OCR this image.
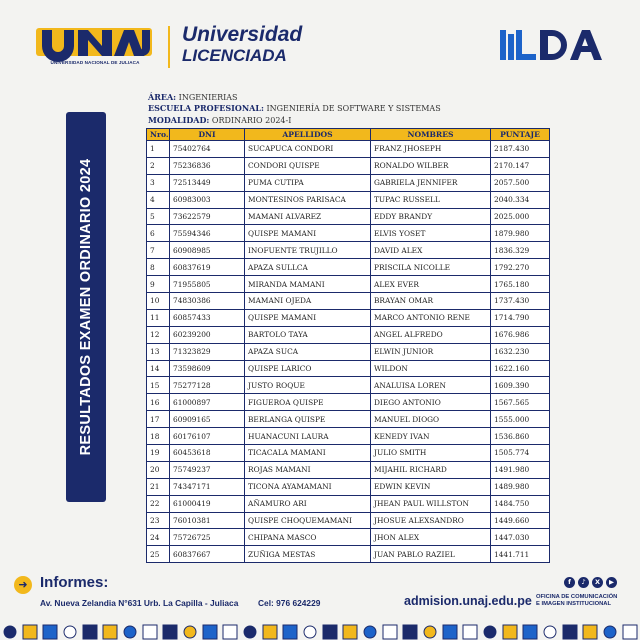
UNIVERSIDAD NACIONAL DE JULIACA
Universidad
LICENCIADA
RESULTADOS EXAMEN ORDINARIO 2024
ÁREA: INGENIERIAS
ESCUELA PROFESIONAL: INGENIERÍA DE SOFTWARE Y SISTEMAS
MODALIDAD: ORDINARIO 2024-I
Nro.	DNI	APELLIDOS	NOMBRES	PUNTAJE
1	75402764	SUCAPUCA CONDORI	FRANZ JHOSEPH	2187.430
2	75236836	CONDORI QUISPE	RONALDO WILBER	2170.147
3	72513449	PUMA CUTIPA	GABRIELA JENNIFER	2057.500
4	60983003	MONTESINOS PARISACA	TUPAC RUSSELL	2040.334
5	73622579	MAMANI ALVAREZ	EDDY BRANDY	2025.000
6	75594346	QUISPE MAMANI	ELVIS YOSET	1879.980
7	60908985	INOFUENTE TRUJILLO	DAVID ALEX	1836.329
8	60837619	APAZA SULLCA	PRISCILA NICOLLE	1792.270
9	71955805	MIRANDA MAMANI	ALEX EVER	1765.180
10	74830386	MAMANI OJEDA	BRAYAN OMAR	1737.430
11	60857433	QUISPE MAMANI	MARCO ANTONIO RENE	1714.790
12	60239200	BARTOLO TAYA	ANGEL ALFREDO	1676.986
13	71323829	APAZA SUCA	ELWIN JUNIOR	1632.230
14	73598609	QUISPE LARICO	WILDON	1622.160
15	75277128	JUSTO ROQUE	ANALUISA LOREN	1609.390
16	61000897	FIGUEROA QUISPE	DIEGO ANTONIO	1567.565
17	60909165	BERLANGA QUISPE	MANUEL DIOGO	1555.000
18	60176107	HUANACUNI LAURA	KENEDY IVAN	1536.860
19	60453618	TICACALA MAMANI	JULIO SMITH	1505.774
20	75749237	ROJAS MAMANI	MIJAHIL RICHARD	1491.980
21	74347171	TICONA AYAMAMANI	EDWIN KEVIN	1489.980
22	61000419	AÑAMURO ARI	JHEAN PAUL WILLSTON	1484.750
23	76010381	QUISPE CHOQUEMAMANI	JHOSUE ALEXSANDRO	1449.660
24	75726725	CHIPANA MASCO	JHON ALEX	1447.030
25	60837667	ZUÑIGA MESTAS	JUAN PABLO RAZIEL	1441.711
➜ Informes:
Av. Nueva Zelandia N°631 Urb. La Capilla - Juliaca Cel: 976 624229	admision.unaj.edu.pe
f	♪	X	▶
OFICINA DE COMUNICACIÓN
E IMAGEN INSTITUCIONAL
